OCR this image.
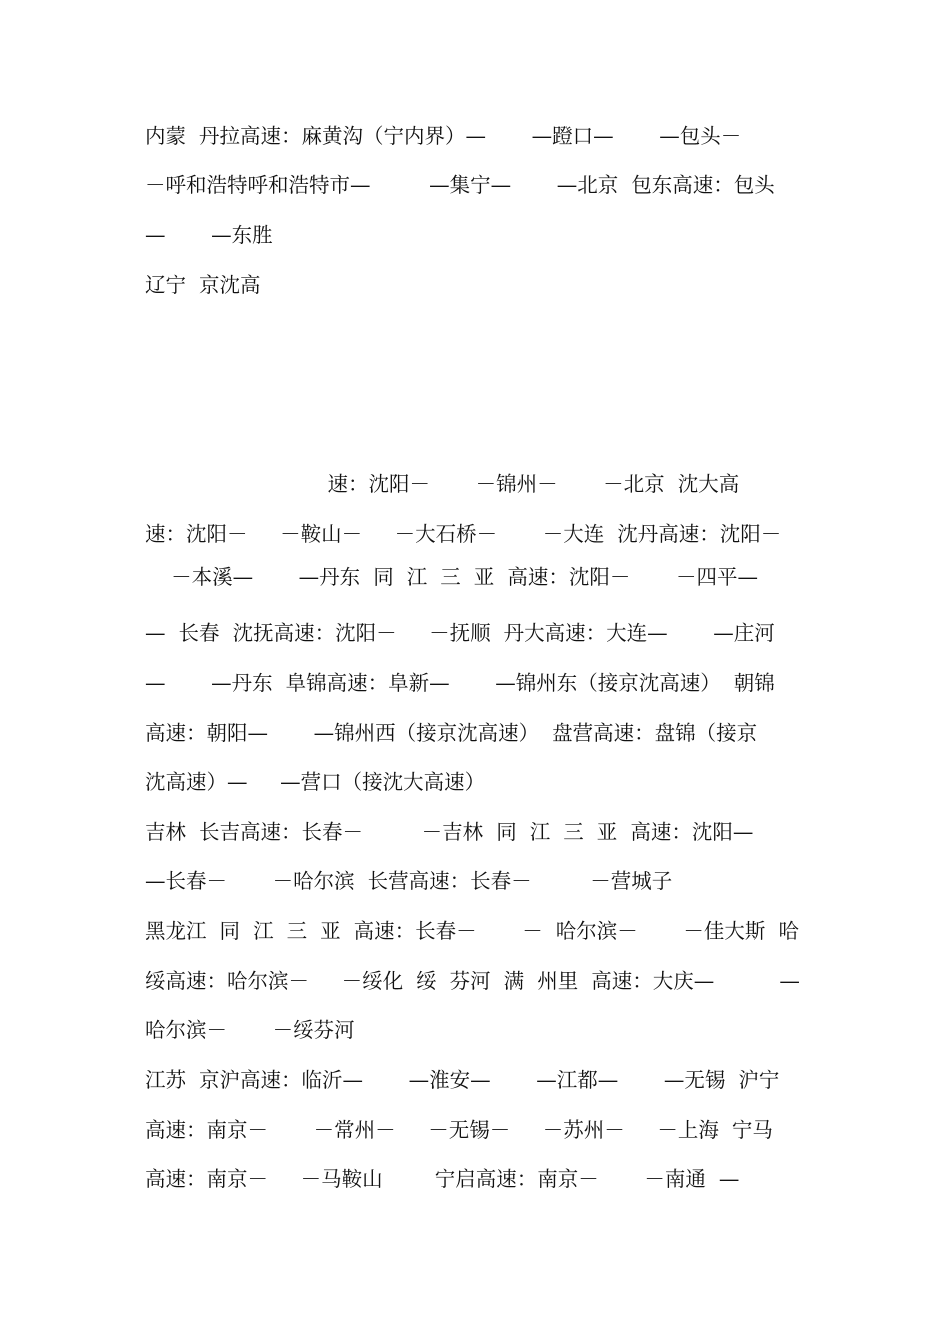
内蒙  丹拉高速：麻黄沟（宁内界）—       —蹬口—       —包头－
－呼和浩特呼和浩特市—         —集宁—       —北京  包东高速：包头
—       —东胜
辽宁  京沈高
速：沈阳－       －锦州－       －北京  沈大高
速：沈阳－     －鞍山－     －大石桥－       －大连  沈丹高速：沈阳－
－本溪—       —丹东  同  江  三  亚  高速：沈阳－       －四平—
—  长春  沈抚高速：沈阳－     －抚顺  丹大高速：大连—       —庄河
—       —丹东  阜锦高速：阜新—       —锦州东（接京沈高速）  朝锦
高速：朝阳—       —锦州西（接京沈高速）  盘营高速：盘锦（接京
沈高速）—     —营口（接沈大高速）
吉林  长吉高速：长春－         －吉林  同  江  三  亚  高速：沈阳—
—长春－       －哈尔滨  长营高速：长春－         －营城子
黑龙江  同  江  三  亚  高速：长春－       －  哈尔滨－       －佳大斯  哈
绥高速：哈尔滨－     －绥化  绥  芬河  满  州里  高速：大庆—          —
哈尔滨－       －绥芬河
江苏  京沪高速：临沂—       —淮安—       —江都—       —无锡  沪宁
高速：南京－       －常州－     －无锡－     －苏州－     －上海  宁马
高速：南京－     －马鞍山        宁启高速：南京－       －南通  —
